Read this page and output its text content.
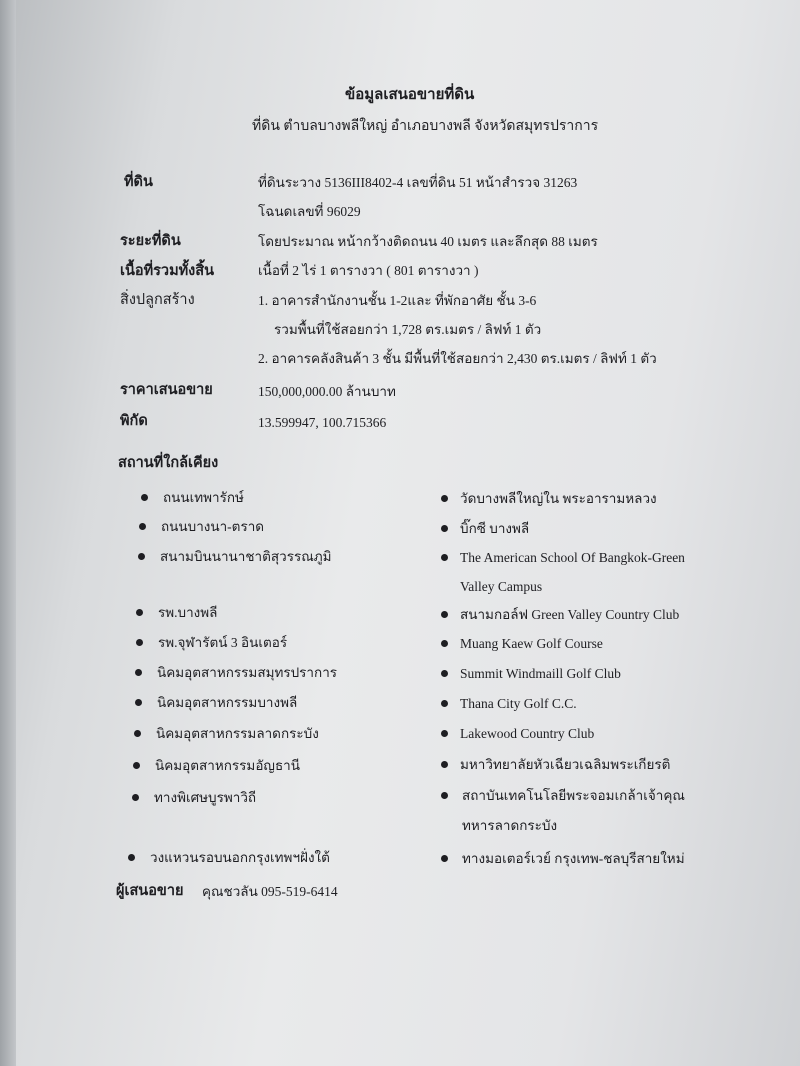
ข้อมูลเสนอขายที่ดิน
ที่ดิน ตำบลบางพลีใหญ่ อำเภอบางพลี จังหวัดสมุทรปราการ
ที่ดิน	ที่ดินระวาง 5136III8402-4 เลขที่ดิน 51 หน้าสำรวจ 31263
โฉนดเลขที่ 96029
ระยะที่ดิน	โดยประมาณ หน้ากว้างติดถนน 40 เมตร และลึกสุด 88 เมตร
เนื้อที่รวมทั้งสิ้น	เนื้อที่ 2 ไร่ 1 ตารางวา ( 801 ตารางวา )
สิ่งปลูกสร้าง	1. อาคารสำนักงานชั้น 1-2และ ที่พักอาศัย ชั้น 3-6
รวมพื้นที่ใช้สอยกว่า 1,728 ตร.เมตร / ลิฟท์ 1 ตัว
2. อาคารคลังสินค้า 3 ชั้น มีพื้นที่ใช้สอยกว่า 2,430 ตร.เมตร / ลิฟท์ 1 ตัว
ราคาเสนอขาย	150,000,000.00 ล้านบาท
พิกัด	13.599947, 100.715366
สถานที่ใกล้เคียง
ถนนเทพารักษ์
ถนนบางนา-ตราด
สนามบินนานาชาติสุวรรณภูมิ
รพ.บางพลี
รพ.จุฬารัตน์ 3 อินเตอร์
นิคมอุตสาหกรรมสมุทรปราการ
นิคมอุตสาหกรรมบางพลี
นิคมอุตสาหกรรมลาดกระบัง
นิคมอุตสาหกรรมอัญธานี
ทางพิเศษบูรพาวิถี
วงแหวนรอบนอกกรุงเทพฯฝั่งใต้
วัดบางพลีใหญ่ใน พระอารามหลวง
บิ๊กซี บางพลี
The American School Of Bangkok-Green
Valley Campus
สนามกอล์ฟ Green Valley Country Club
Muang Kaew Golf Course
Summit Windmaill Golf Club
Thana City Golf C.C.
Lakewood Country Club
มหาวิทยาลัยหัวเฉียวเฉลิมพระเกียรติ
สถาบันเทคโนโลยีพระจอมเกล้าเจ้าคุณ
ทหารลาดกระบัง
ทางมอเตอร์เวย์ กรุงเทพ-ชลบุรีสายใหม่
ผู้เสนอขาย คุณชวลัน 095-519-6414
